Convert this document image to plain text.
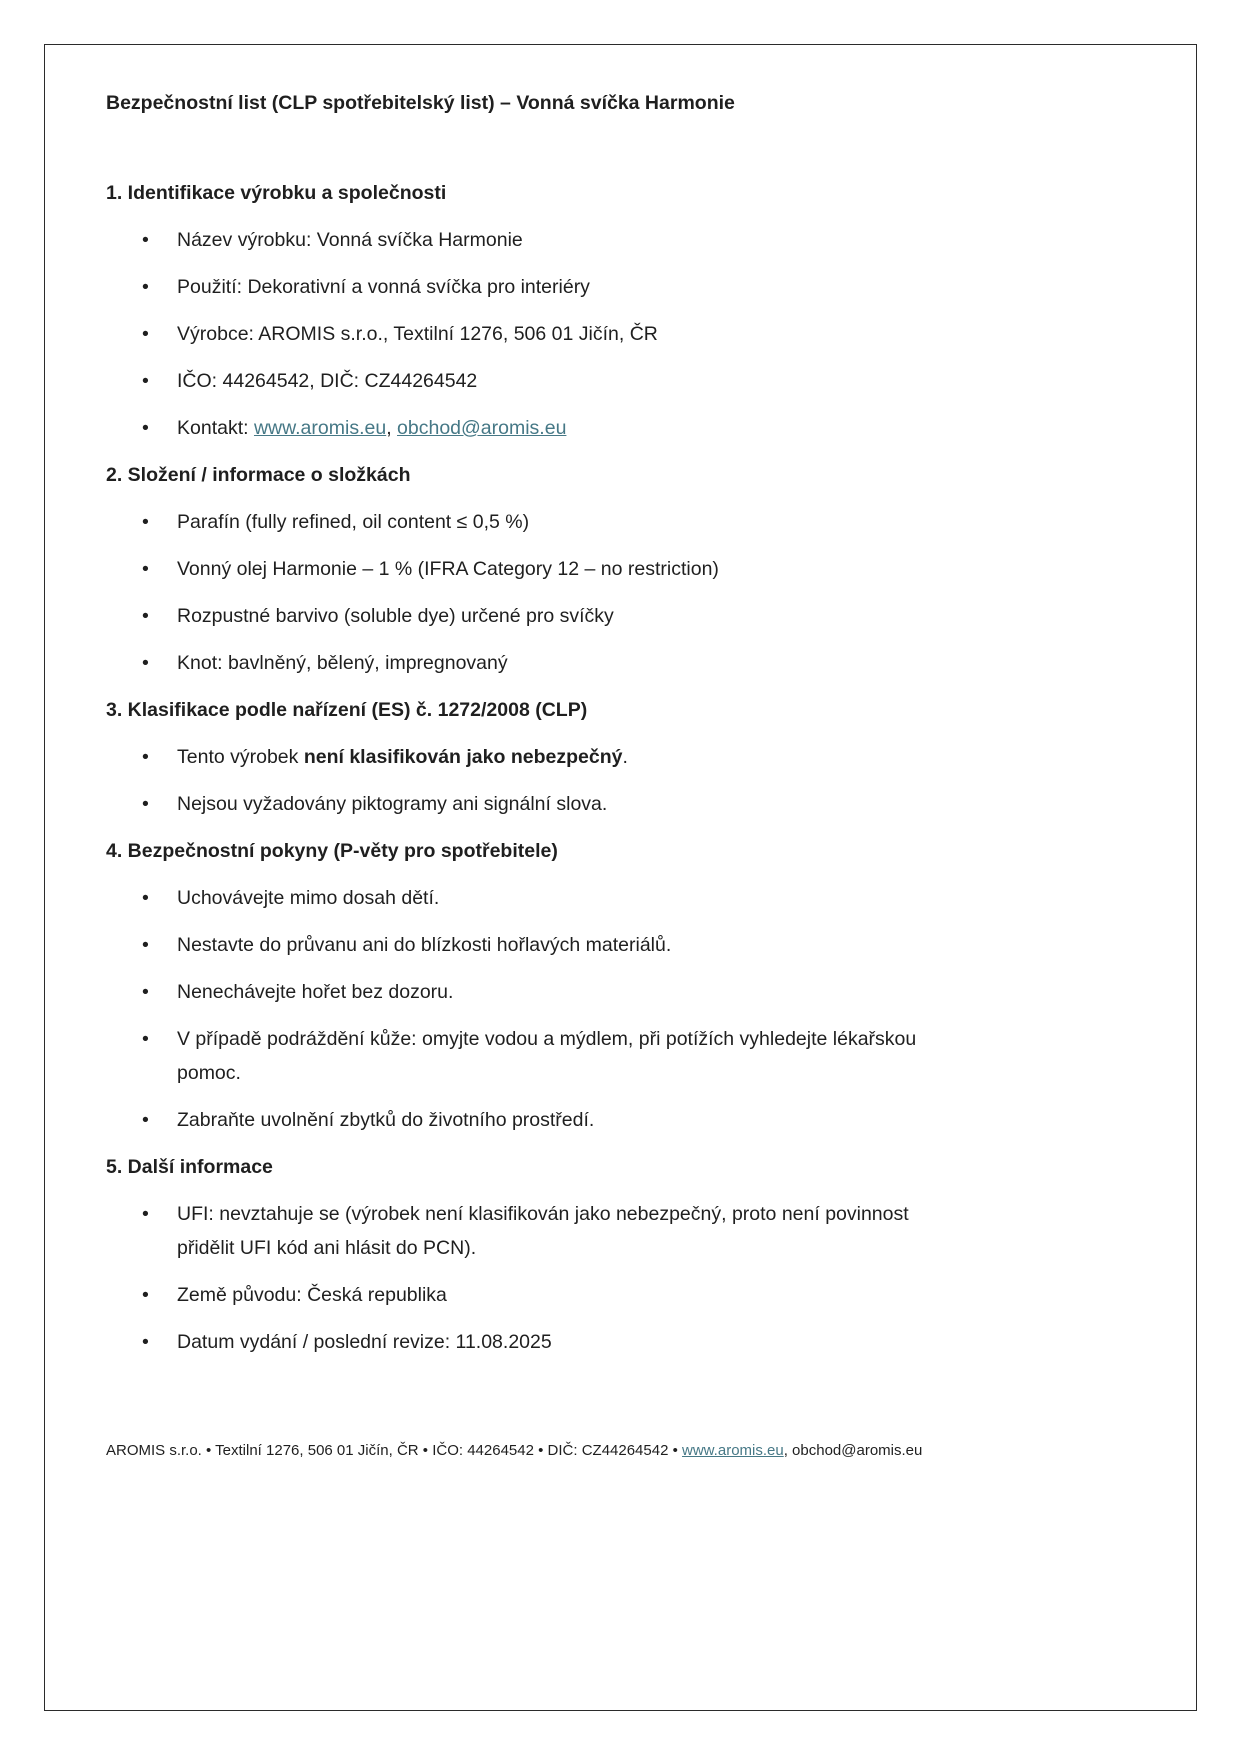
Bezpečnostní list (CLP spotřebitelský list) – Vonná svíčka Harmonie
1. Identifikace výrobku a společnosti
• Název výrobku: Vonná svíčka Harmonie
• Použití: Dekorativní a vonná svíčka pro interiéry
• Výrobce: AROMIS s.r.o., Textilní 1276, 506 01 Jičín, ČR
• IČO: 44264542, DIČ: CZ44264542
• Kontakt: www.aromis.eu, obchod@aromis.eu
2. Složení / informace o složkách
• Parafín (fully refined, oil content ≤ 0,5 %)
• Vonný olej Harmonie – 1 % (IFRA Category 12 – no restriction)
• Rozpustné barvivo (soluble dye) určené pro svíčky
• Knot: bavlněný, bělený, impregnovaný
3. Klasifikace podle nařízení (ES) č. 1272/2008 (CLP)
• Tento výrobek není klasifikován jako nebezpečný.
• Nejsou vyžadovány piktogramy ani signální slova.
4. Bezpečnostní pokyny (P-věty pro spotřebitele)
• Uchovávejte mimo dosah dětí.
• Nestavte do průvanu ani do blízkosti hořlavých materiálů.
• Nenechávejte hořet bez dozoru.
• V případě podráždění kůže: omyjte vodou a mýdlem, při potížích vyhledejte lékařskou pomoc.
• Zabraňte uvolnění zbytků do životního prostředí.
5. Další informace
• UFI: nevztahuje se (výrobek není klasifikován jako nebezpečný, proto není povinnost přidělit UFI kód ani hlásit do PCN).
• Země původu: Česká republika
• Datum vydání / poslední revize: 11.08.2025
AROMIS s.r.o. • Textilní 1276, 506 01 Jičín, ČR • IČO: 44264542 • DIČ: CZ44264542 • www.aromis.eu, obchod@aromis.eu
